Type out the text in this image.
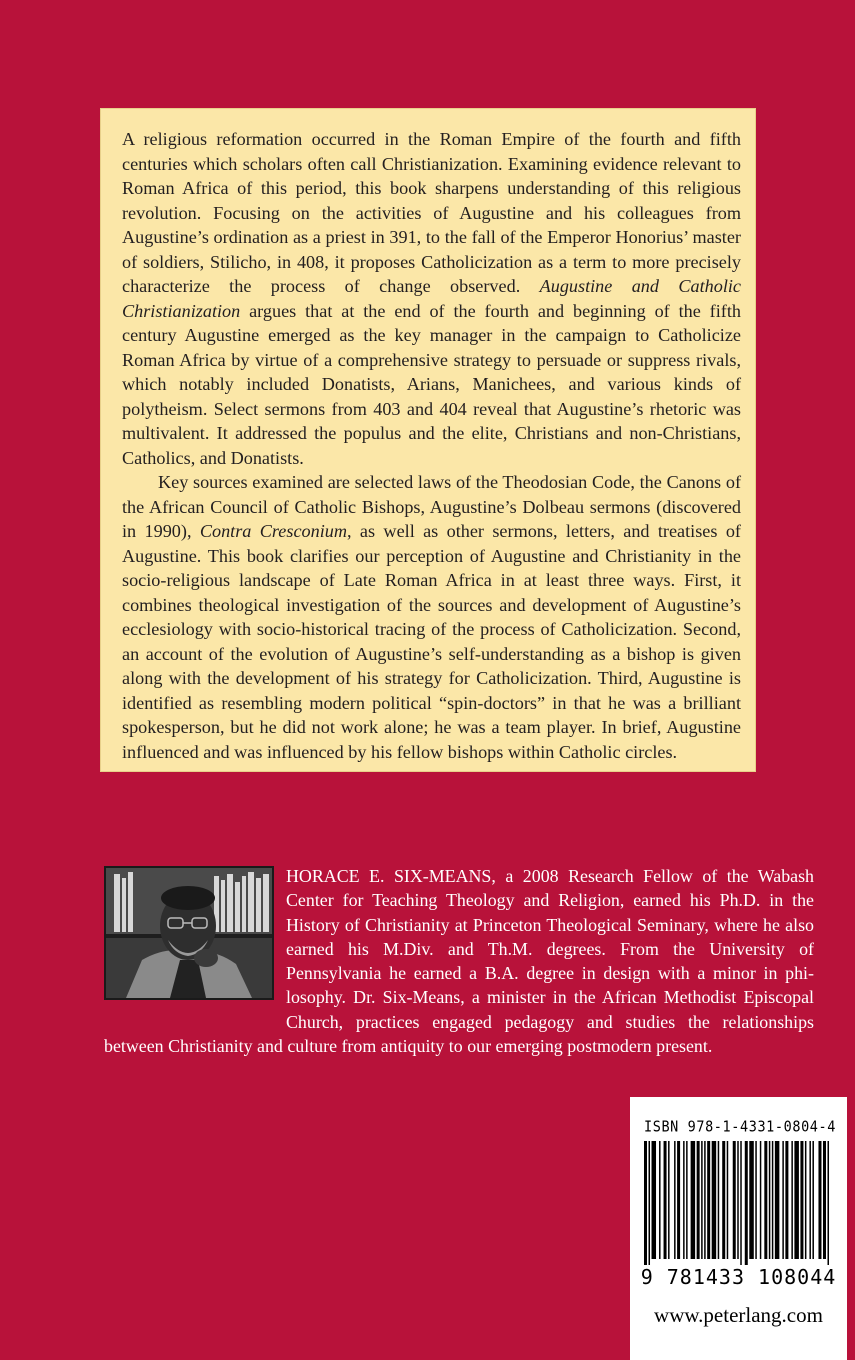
A religious reformation occurred in the Roman Empire of the fourth and fifth centuries which scholars often call Christianization. Examining evidence relevant to Roman Africa of this period, this book sharpens understanding of this religious revolution. Focusing on the activities of Augustine and his colleagues from Augustine’s ordination as a priest in 391, to the fall of the Emperor Honorius’ master of soldiers, Stilicho, in 408, it proposes Catholicization as a term to more precisely characterize the process of change observed. Augustine and Catholic Christianization argues that at the end of the fourth and beginning of the fifth century Augustine emerged as the key manager in the campaign to Catholicize Roman Africa by virtue of a comprehensive strategy to persuade or suppress rivals, which notably included Donatists, Arians, Manichees, and various kinds of polytheism. Select sermons from 403 and 404 reveal that Augustine’s rhetoric was multivalent. It addressed the populus and the elite, Christians and non-Christians, Catholics, and Donatists.

Key sources examined are selected laws of the Theodosian Code, the Canons of the African Council of Catholic Bishops, Augustine’s Dolbeau sermons (discovered in 1990), Contra Cresconium, as well as other sermons, letters, and treatises of Augustine. This book clarifies our perception of Augustine and Christianity in the socio-religious landscape of Late Roman Africa in at least three ways. First, it combines theological investigation of the sources and development of Augustine’s ecclesiology with socio-historical tracing of the process of Catholicization. Second, an account of the evolution of Augustine’s self-understanding as a bishop is given along with the development of his strategy for Catholicization. Third, Augustine is identified as resembling modern political “spin-doctors” in that he was a brilliant spokesperson, but he did not work alone; he was a team player. In brief, Augustine influenced and was influenced by his fellow bishops within Catholic circles.

HORACE E. SIX-MEANS, a 2008 Research Fellow of the Wabash Center for Teaching Theology and Religion, earned his Ph.D. in the History of Christianity at Princeton Theological Seminary, where he also earned his M.Div. and Th.M. degrees. From the University of Pennsylvania he earned a B.A. degree in design with a minor in philosophy. Dr. Six-Means, a minister in the African Methodist Episcopal Church, practices engaged pedagogy and studies the relationships between Christianity and culture from antiquity to our emerging postmodern present.
ISBN 978-1-4331-0804-4
9 781433 108044
www.peterlang.com
